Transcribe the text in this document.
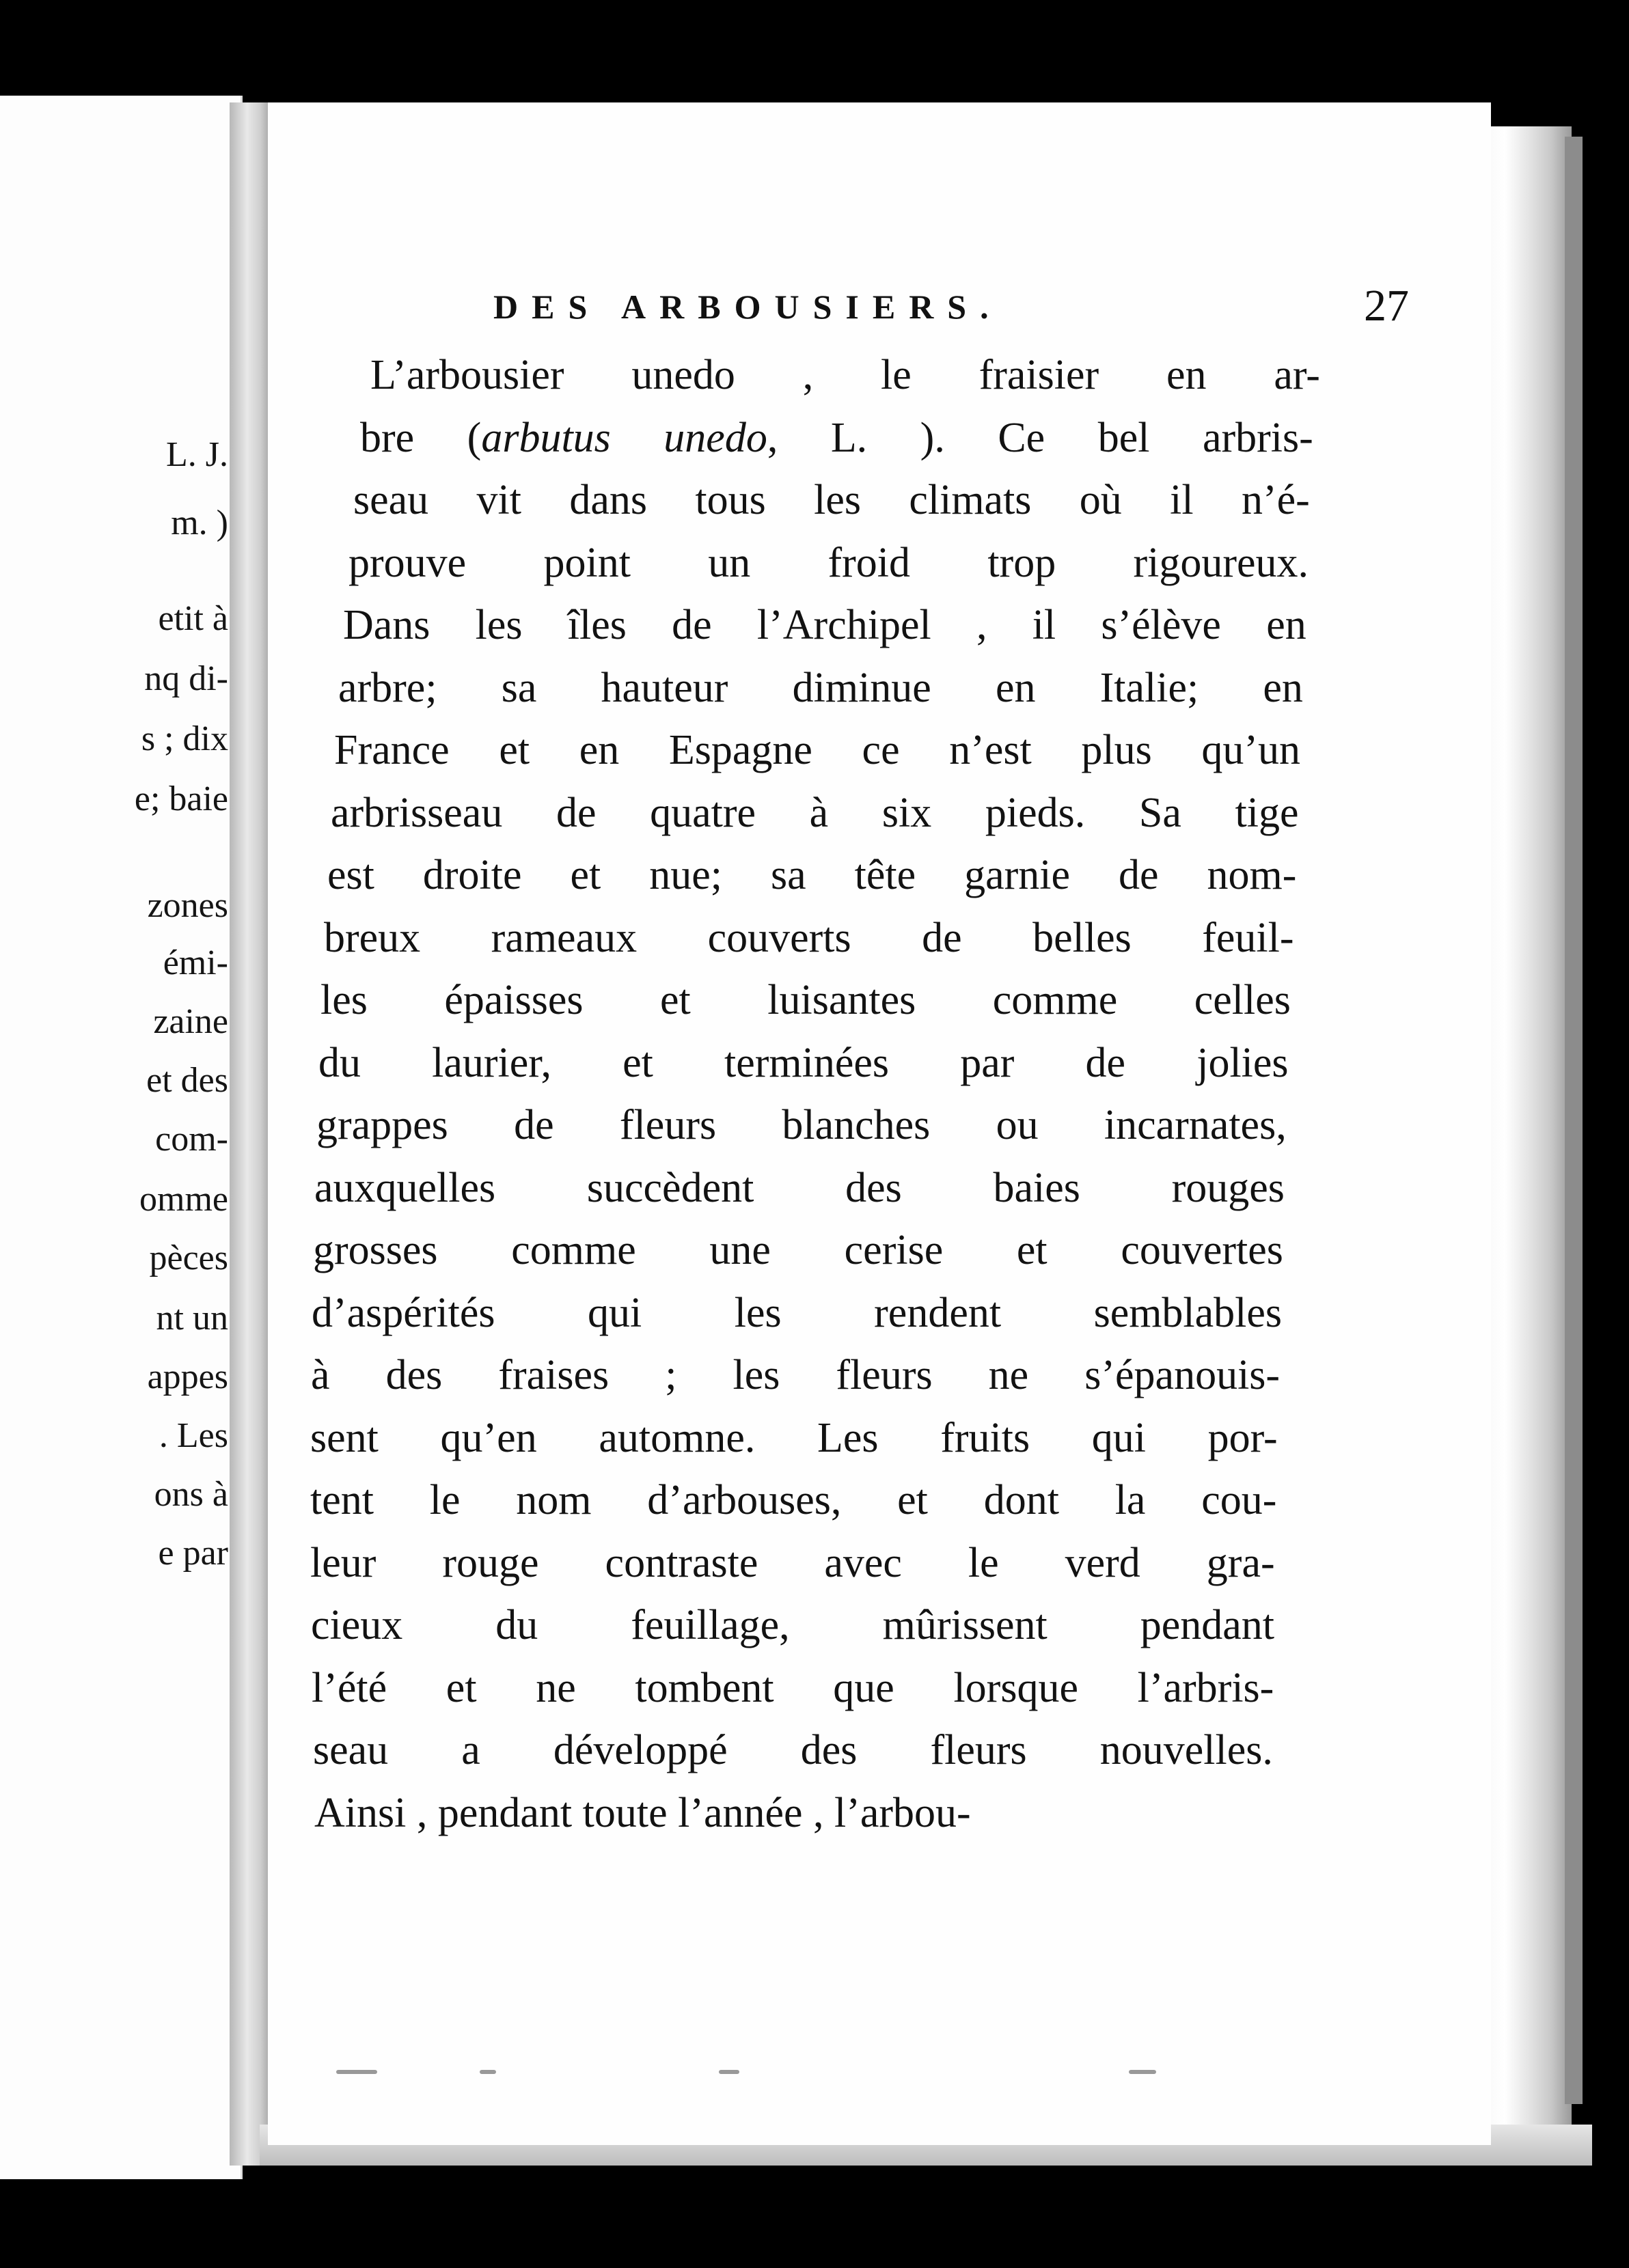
L. J.
m. )
etit à
nq di-
s ; dix
e; baie
zones
émi-
zaine
et des
com-
omme
pèces
nt un
appes
. Les
ons à
e par
DES ARBOUSIERS.	27
L’arbousier unedo , le fraisier en ar-
bre (arbutus unedo, L. ). Ce bel arbris-
seau vit dans tous les climats où il n’é-
prouve point un froid trop rigoureux.
Dans les îles de l’Archipel , il s’élève en
arbre; sa hauteur diminue en Italie; en
France et en Espagne ce n’est plus qu’un
arbrisseau de quatre à six pieds. Sa tige
est droite et nue; sa tête garnie de nom-
breux rameaux couverts de belles feuil-
les épaisses et luisantes comme celles
du laurier, et terminées par de jolies
grappes de fleurs blanches ou incarnates,
auxquelles succèdent des baies rouges
grosses comme une cerise et couvertes
d’aspérités qui les rendent semblables
à des fraises ; les fleurs ne s’épanouis-
sent qu’en automne. Les fruits qui por-
tent le nom d’arbouses, et dont la cou-
leur rouge contraste avec le verd gra-
cieux du feuillage, mûrissent pendant
l’été et ne tombent que lorsque l’arbris-
seau a développé des fleurs nouvelles.
Ainsi , pendant toute l’année , l’arbou-
